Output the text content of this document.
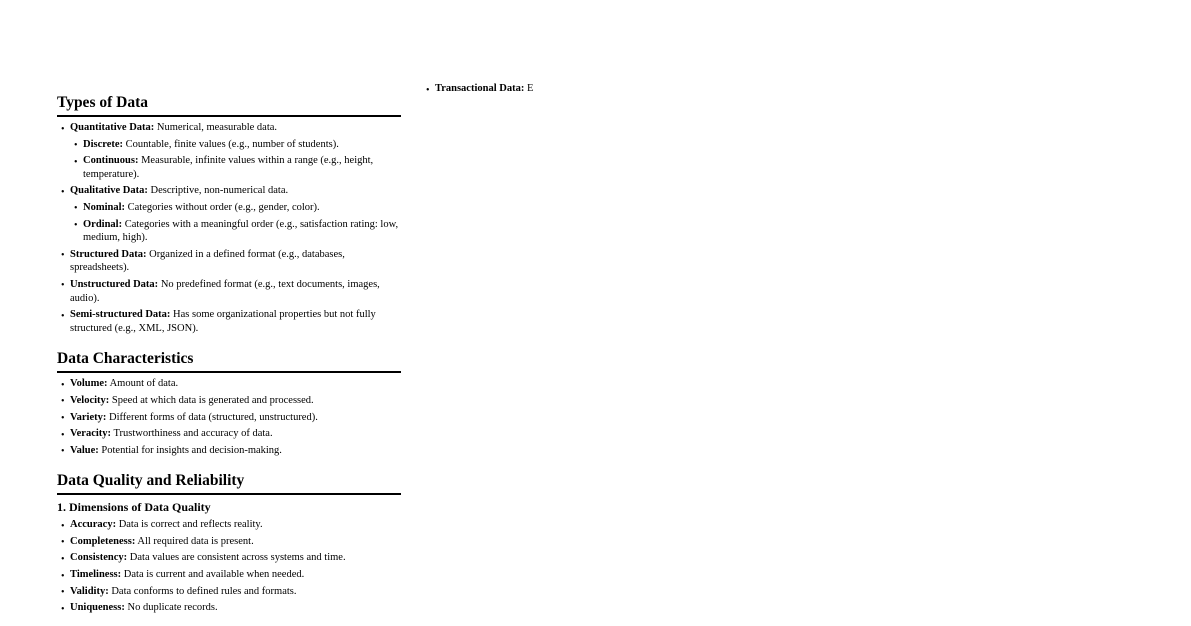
Types of Data
• Quantitative Data: Numerical, measurable data.
• Discrete: Countable, finite values (e.g., number of students).
• Continuous: Measurable, infinite values within a range (e.g., height, temperature).
• Qualitative Data: Descriptive, non-numerical data.
• Nominal: Categories without order (e.g., gender, color).
• Ordinal: Categories with a meaningful order (e.g., satisfaction rating: low, medium, high).
• Structured Data: Organized in a defined format (e.g., databases, spreadsheets).
• Unstructured Data: No predefined format (e.g., text documents, images, audio).
• Semi-structured Data: Has some organizational properties but not fully structured (e.g., XML, JSON).
Data Characteristics
• Volume: Amount of data.
• Velocity: Speed at which data is generated and processed.
• Variety: Different forms of data (structured, unstructured).
• Veracity: Trustworthiness and accuracy of data.
• Value: Potential for insights and decision-making.
Data Quality and Reliability
1. Dimensions of Data Quality
• Accuracy: Data is correct and reflects reality.
• Completeness: All required data is present.
• Consistency: Data values are consistent across systems and time.
• Timeliness: Data is current and available when needed.
• Validity: Data conforms to defined rules and formats.
• Uniqueness: No duplicate records.
• Transactional Data: E
